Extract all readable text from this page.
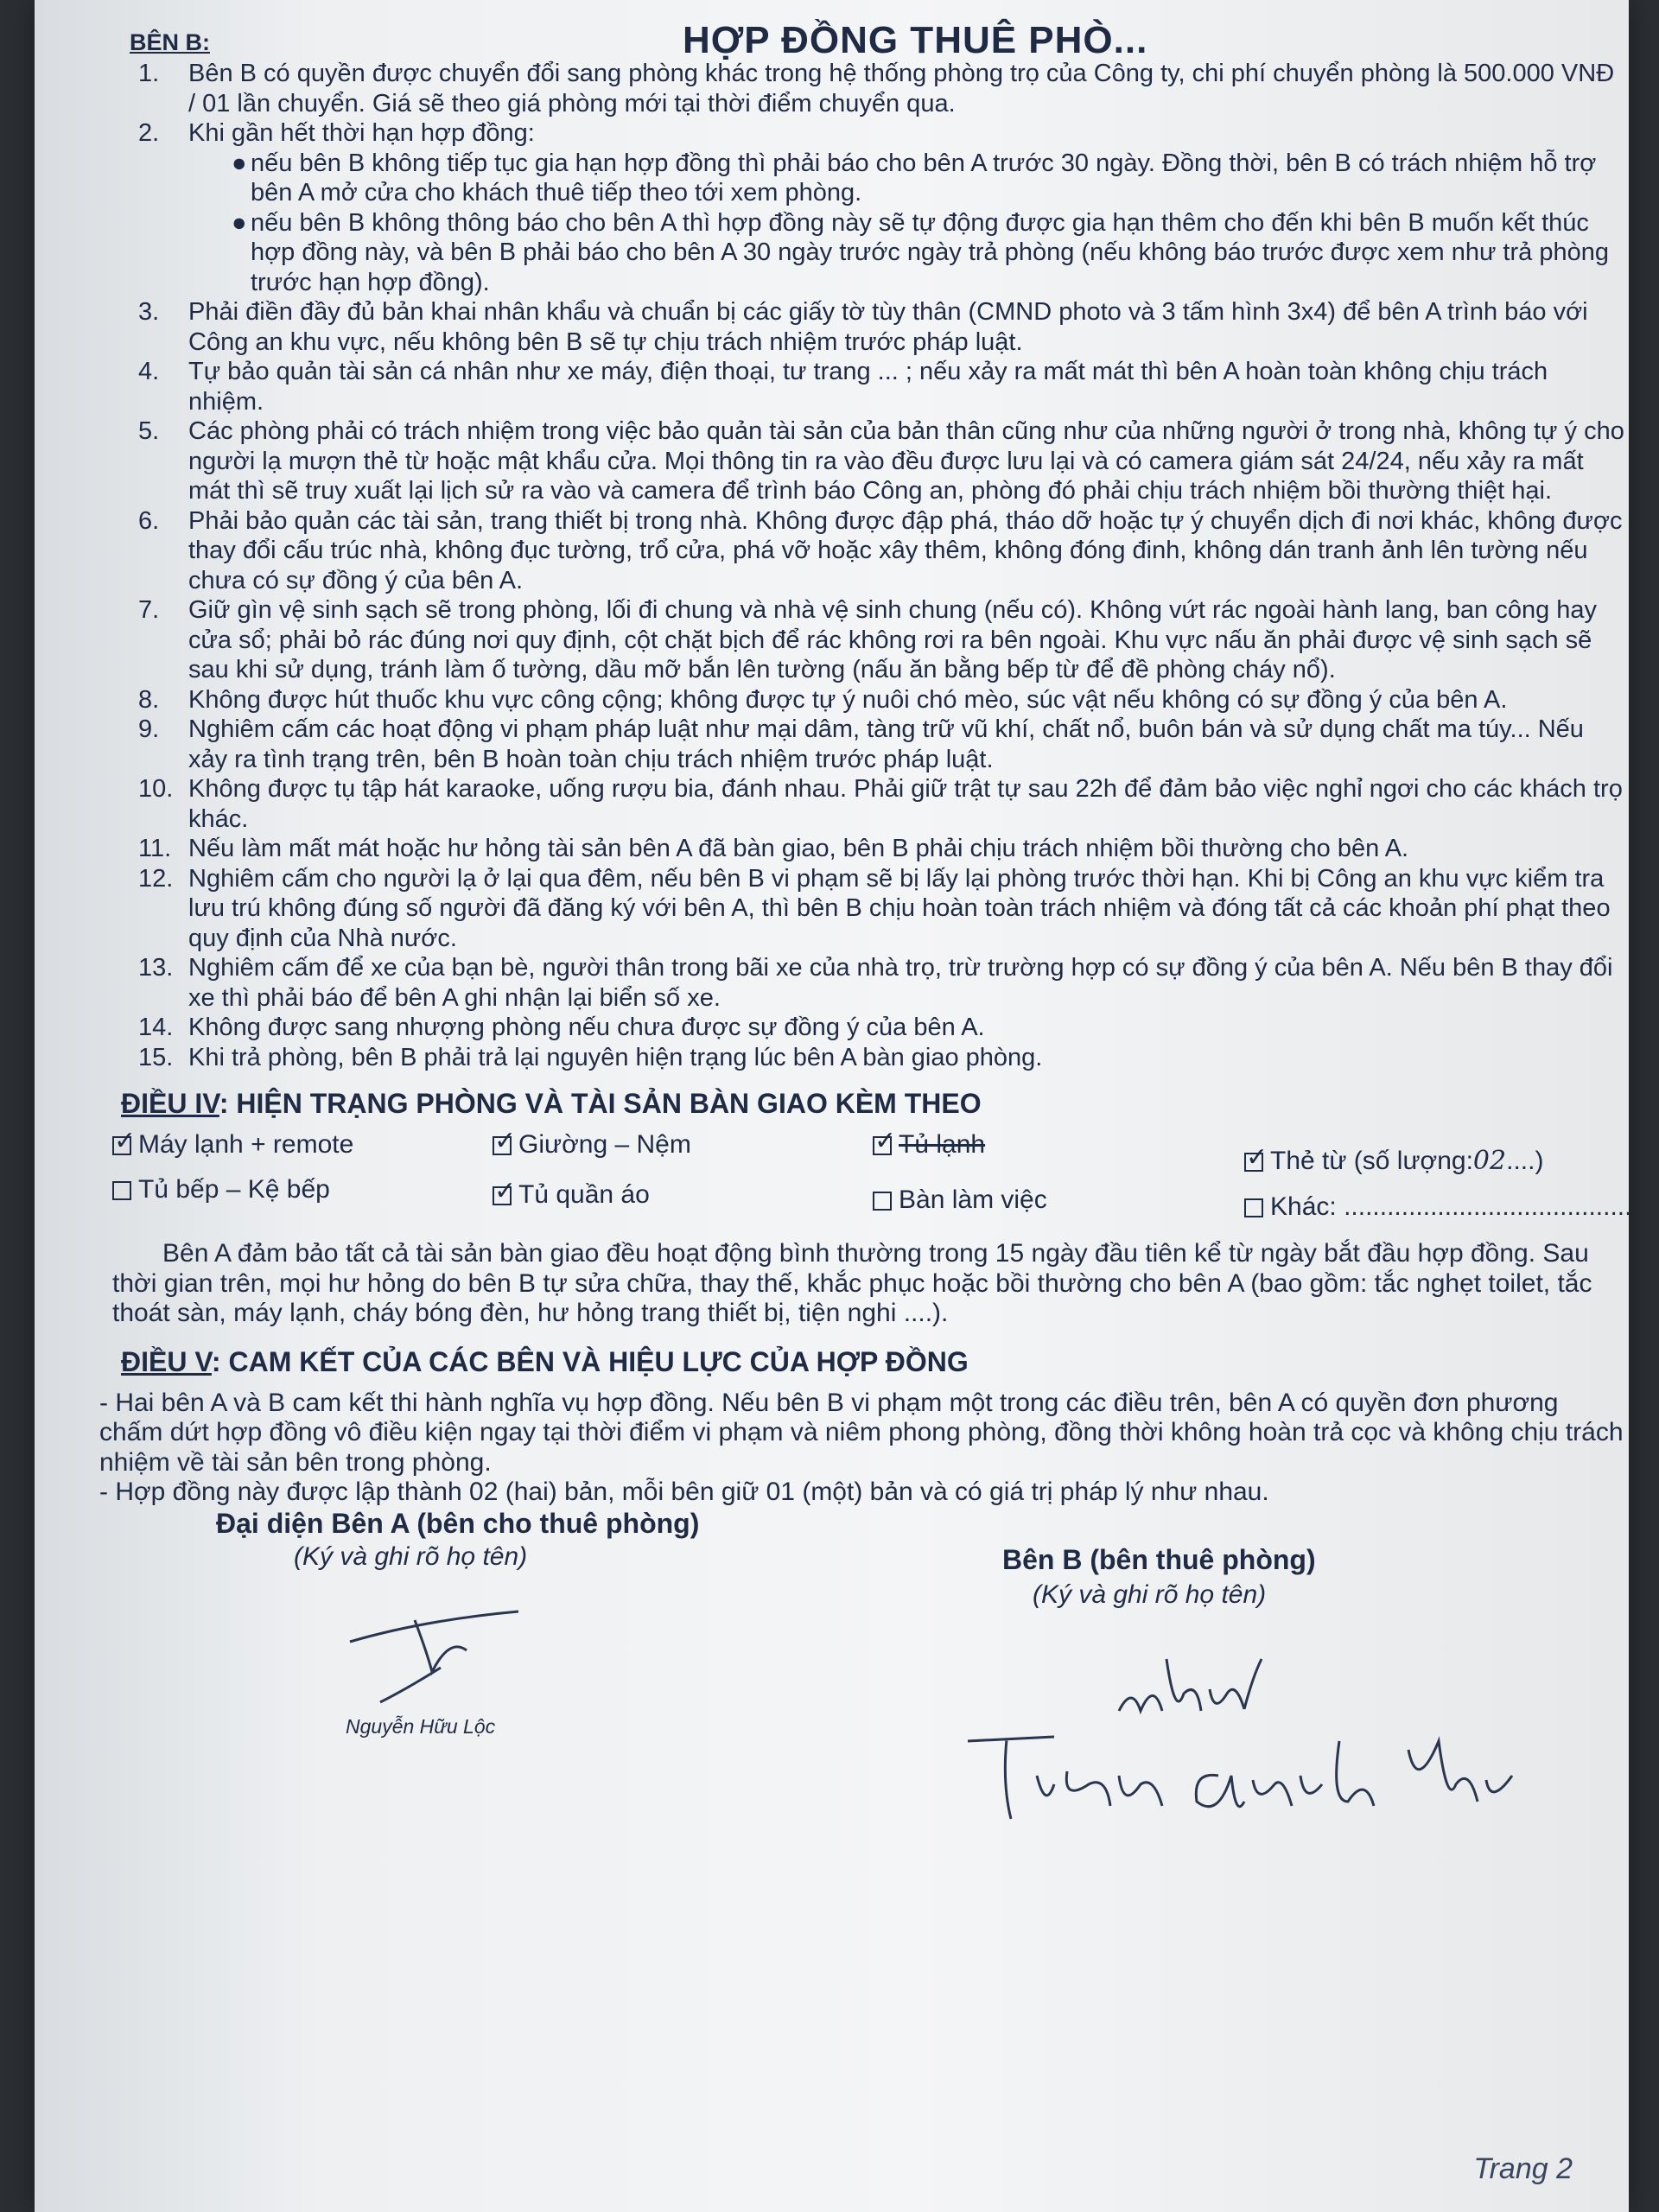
BÊN B:	HỢP ĐỒNG THUÊ PHÒ...

1.	Bên B có quyền được chuyển đổi sang phòng khác trong hệ thống phòng trọ của Công ty, chi phí chuyển phòng là 500.000 VNĐ / 01 lần chuyển. Giá sẽ theo giá phòng mới tại thời điểm chuyển qua.

2.	Khi gần hết thời hạn hợp đồng:

● nếu bên B không tiếp tục gia hạn hợp đồng thì phải báo cho bên A trước 30 ngày. Đồng thời, bên B có trách nhiệm hỗ trợ bên A mở cửa cho khách thuê tiếp theo tới xem phòng.

● nếu bên B không thông báo cho bên A thì hợp đồng này sẽ tự động được gia hạn thêm cho đến khi bên B muốn kết thúc hợp đồng này, và bên B phải báo cho bên A 30 ngày trước ngày trả phòng (nếu không báo trước được xem như trả phòng trước hạn hợp đồng).

3.	Phải điền đầy đủ bản khai nhân khẩu và chuẩn bị các giấy tờ tùy thân (CMND photo và 3 tấm hình 3x4) để bên A trình báo với Công an khu vực, nếu không bên B sẽ tự chịu trách nhiệm trước pháp luật.

4.	Tự bảo quản tài sản cá nhân như xe máy, điện thoại, tư trang ... ; nếu xảy ra mất mát thì bên A hoàn toàn không chịu trách nhiệm.

5.	Các phòng phải có trách nhiệm trong việc bảo quản tài sản của bản thân cũng như của những người ở trong nhà, không tự ý cho người lạ mượn thẻ từ hoặc mật khẩu cửa. Mọi thông tin ra vào đều được lưu lại và có camera giám sát 24/24, nếu xảy ra mất mát thì sẽ truy xuất lại lịch sử ra vào và camera để trình báo Công an, phòng đó phải chịu trách nhiệm bồi thường thiệt hại.

6.	Phải bảo quản các tài sản, trang thiết bị trong nhà. Không được đập phá, tháo dỡ hoặc tự ý chuyển dịch đi nơi khác, không được thay đổi cấu trúc nhà, không đục tường, trổ cửa, phá vỡ hoặc xây thêm, không đóng đinh, không dán tranh ảnh lên tường nếu chưa có sự đồng ý của bên A.

7.	Giữ gìn vệ sinh sạch sẽ trong phòng, lối đi chung và nhà vệ sinh chung (nếu có). Không vứt rác ngoài hành lang, ban công hay cửa sổ; phải bỏ rác đúng nơi quy định, cột chặt bịch để rác không rơi ra bên ngoài. Khu vực nấu ăn phải được vệ sinh sạch sẽ sau khi sử dụng, tránh làm ố tường, dầu mỡ bắn lên tường (nấu ăn bằng bếp từ để đề phòng cháy nổ).

8.	Không được hút thuốc khu vực công cộng; không được tự ý nuôi chó mèo, súc vật nếu không có sự đồng ý của bên A.

9.	Nghiêm cấm các hoạt động vi phạm pháp luật như mại dâm, tàng trữ vũ khí, chất nổ, buôn bán và sử dụng chất ma túy... Nếu xảy ra tình trạng trên, bên B hoàn toàn chịu trách nhiệm trước pháp luật.

10. Không được tụ tập hát karaoke, uống rượu bia, đánh nhau. Phải giữ trật tự sau 22h để đảm bảo việc nghỉ ngơi cho các khách trọ khác.

11. Nếu làm mất mát hoặc hư hỏng tài sản bên A đã bàn giao, bên B phải chịu trách nhiệm bồi thường cho bên A.

12. Nghiêm cấm cho người lạ ở lại qua đêm, nếu bên B vi phạm sẽ bị lấy lại phòng trước thời hạn. Khi bị Công an khu vực kiểm tra lưu trú không đúng số người đã đăng ký với bên A, thì bên B chịu hoàn toàn trách nhiệm và đóng tất cả các khoản phí phạt theo quy định của Nhà nước.

13. Nghiêm cấm để xe của bạn bè, người thân trong bãi xe của nhà trọ, trừ trường hợp có sự đồng ý của bên A. Nếu bên B thay đổi xe thì phải báo để bên A ghi nhận lại biển số xe.

14. Không được sang nhượng phòng nếu chưa được sự đồng ý của bên A.

15. Khi trả phòng, bên B phải trả lại nguyên hiện trạng lúc bên A bàn giao phòng.

ĐIỀU IV: HIỆN TRẠNG PHÒNG VÀ TÀI SẢN BÀN GIAO KÈM THEO
✓Máy lạnh + remote ✓	Giường – Nệm ✓	Tủ lạnh
✓Thẻ từ (số lượng:02....)
Tủ bếp – Kệ bếp ✓	Tủ quần áo	Bàn làm việc	Khác: ........................................

Bên A đảm bảo tất cả tài sản bàn giao đều hoạt động bình thường trong 15 ngày đầu tiên kể từ ngày bắt đầu hợp đồng. Sau thời gian trên, mọi hư hỏng do bên B tự sửa chữa, thay thế, khắc phục hoặc bồi thường cho bên A (bao gồm: tắc nghẹt toilet, tắc thoát sàn, máy lạnh, cháy bóng đèn, hư hỏng trang thiết bị, tiện nghi ....).

ĐIỀU V: CAM KẾT CỦA CÁC BÊN VÀ HIỆU LỰC CỦA HỢP ĐỒNG

- Hai bên A và B cam kết thi hành nghĩa vụ hợp đồng. Nếu bên B vi phạm một trong các điều trên, bên A có quyền đơn phương chấm dứt hợp đồng vô điều kiện ngay tại thời điểm vi phạm và niêm phong phòng, đồng thời không hoàn trả cọc và không chịu trách nhiệm về tài sản bên trong phòng.

- Hợp đồng này được lập thành 02 (hai) bản, mỗi bên giữ 01 (một) bản và có giá trị pháp lý như nhau.

Đại diện Bên A (bên cho thuê phòng)
(Ký và ghi rõ họ tên)	Bên B (bên thuê phòng)
(Ký và ghi rõ họ tên)
Nguyễn Hữu Lộc
Trang 2
